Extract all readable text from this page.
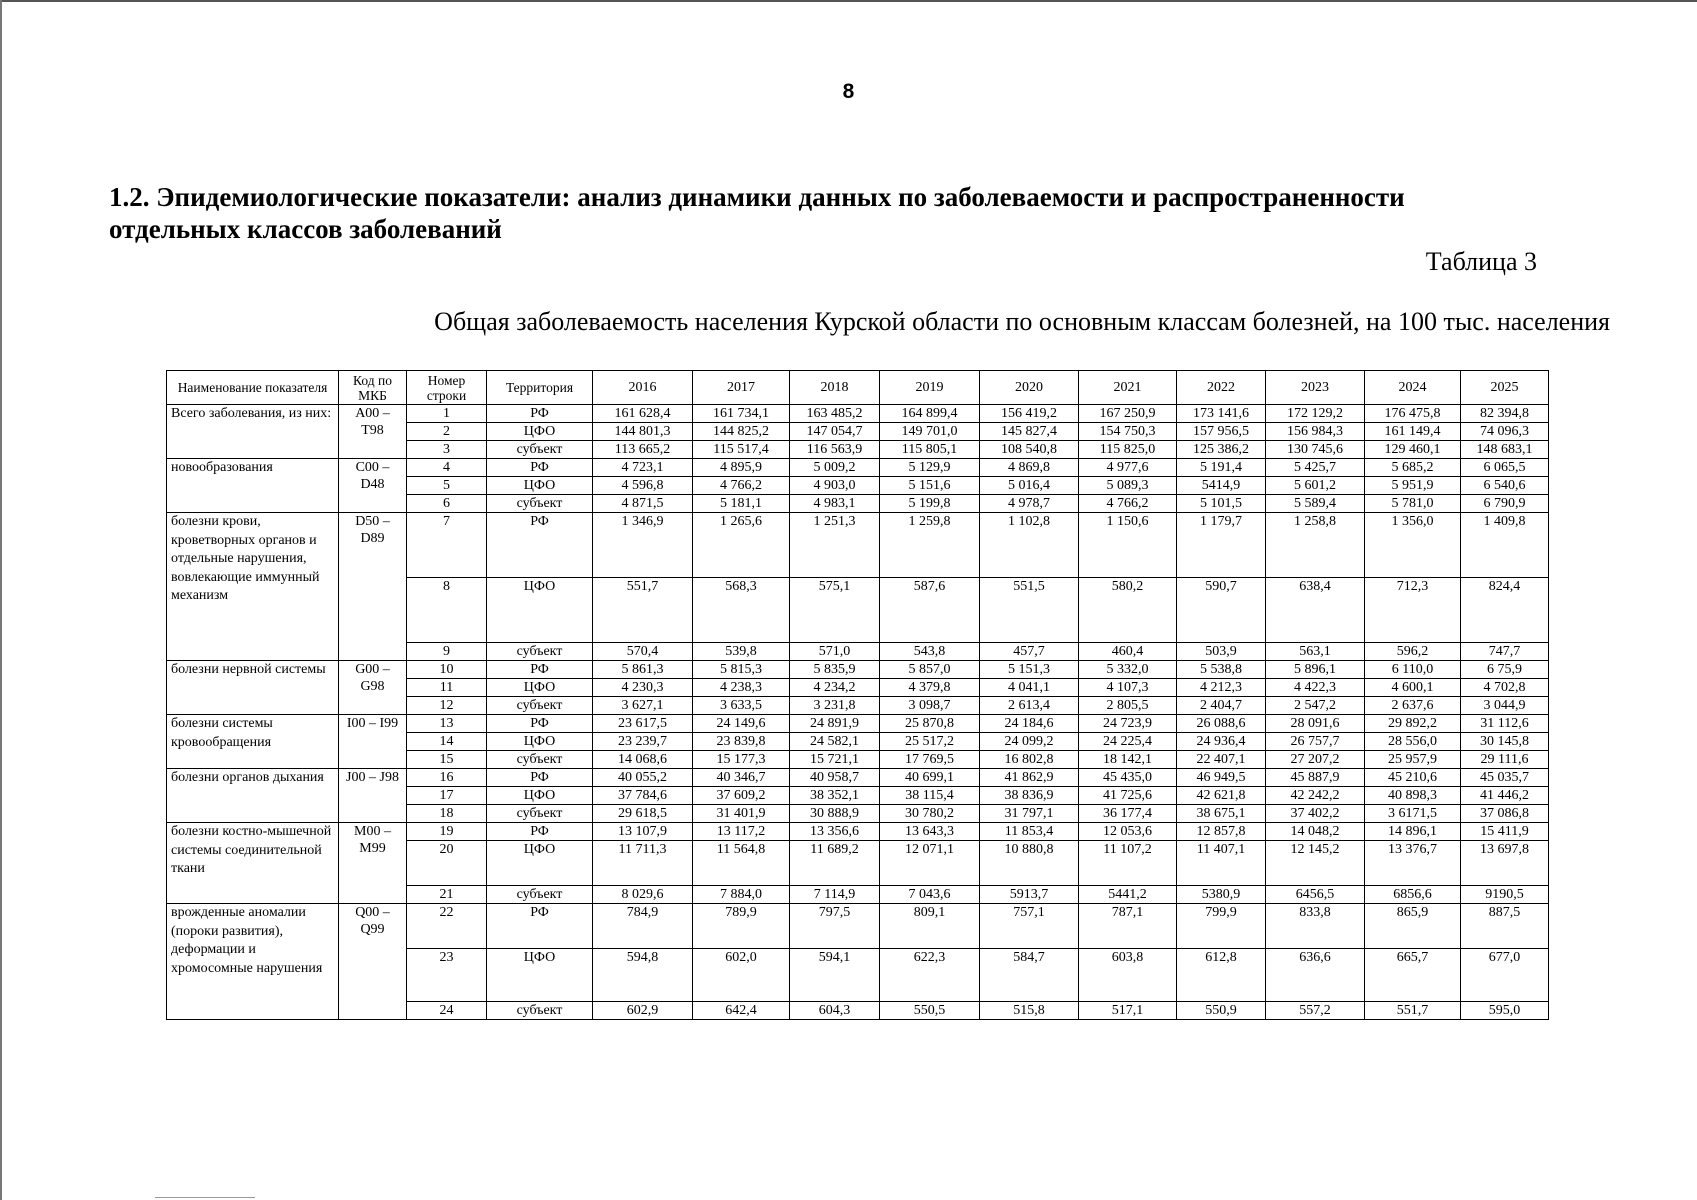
8
1.2. Эпидемиологические показатели: анализ динамики данных по заболеваемости и распространенности
отдельных классов заболеваний
Таблица 3
Общая заболеваемость населения Курской области по основным классам болезней, на 100 тыс. населения
Наименование показателя	Код по МКБ	Номер строки	Территория	2016	2017	2018	2019	2020	2021	2022	2023	2024	2025
Всего заболевания, из них:	A00 – T98	1	РФ	161 628,4	161 734,1	163 485,2	164 899,4	156 419,2	167 250,9	173 141,6	172 129,2	176 475,8	82 394,8
		2	ЦФО	144 801,3	144 825,2	147 054,7	149 701,0	145 827,4	154 750,3	157 956,5	156 984,3	161 149,4	74 096,3
		3	субъект	113 665,2	115 517,4	116 563,9	115 805,1	108 540,8	115 825,0	125 386,2	130 745,6	129 460,1	148 683,1
новообразования	C00 – D48	4	РФ	4 723,1	4 895,9	5 009,2	5 129,9	4 869,8	4 977,6	5 191,4	5 425,7	5 685,2	6 065,5
		5	ЦФО	4 596,8	4 766,2	4 903,0	5 151,6	5 016,4	5 089,3	5414,9	5 601,2	5 951,9	6 540,6
		6	субъект	4 871,5	5 181,1	4 983,1	5 199,8	4 978,7	4 766,2	5 101,5	5 589,4	5 781,0	6 790,9
болезни крови, кроветворных органов и отдельные нарушения, вовлекающие иммунный механизм	D50 – D89	7	РФ	1 346,9	1 265,6	1 251,3	1 259,8	1 102,8	1 150,6	1 179,7	1 258,8	1 356,0	1 409,8
		8	ЦФО	551,7	568,3	575,1	587,6	551,5	580,2	590,7	638,4	712,3	824,4
		9	субъект	570,4	539,8	571,0	543,8	457,7	460,4	503,9	563,1	596,2	747,7
болезни нервной системы	G00 – G98	10	РФ	5 861,3	5 815,3	5 835,9	5 857,0	5 151,3	5 332,0	5 538,8	5 896,1	6 110,0	6 75,9
		11	ЦФО	4 230,3	4 238,3	4 234,2	4 379,8	4 041,1	4 107,3	4 212,3	4 422,3	4 600,1	4 702,8
		12	субъект	3 627,1	3 633,5	3 231,8	3 098,7	2 613,4	2 805,5	2 404,7	2 547,2	2 637,6	3 044,9
болезни системы кровообращения	I00 – I99	13	РФ	23 617,5	24 149,6	24 891,9	25 870,8	24 184,6	24 723,9	26 088,6	28 091,6	29 892,2	31 112,6
		14	ЦФО	23 239,7	23 839,8	24 582,1	25 517,2	24 099,2	24 225,4	24 936,4	26 757,7	28 556,0	30 145,8
		15	субъект	14 068,6	15 177,3	15 721,1	17 769,5	16 802,8	18 142,1	22 407,1	27 207,2	25 957,9	29 111,6
болезни органов дыхания	J00 – J98	16	РФ	40 055,2	40 346,7	40 958,7	40 699,1	41 862,9	45 435,0	46 949,5	45 887,9	45 210,6	45 035,7
		17	ЦФО	37 784,6	37 609,2	38 352,1	38 115,4	38 836,9	41 725,6	42 621,8	42 242,2	40 898,3	41 446,2
		18	субъект	29 618,5	31 401,9	30 888,9	30 780,2	31 797,1	36 177,4	38 675,1	37 402,2	3 6171,5	37 086,8
болезни костно-мышечной системы соединительной ткани	M00 – M99	19	РФ	13 107,9	13 117,2	13 356,6	13 643,3	11 853,4	12 053,6	12 857,8	14 048,2	14 896,1	15 411,9
		20	ЦФО	11 711,3	11 564,8	11 689,2	12 071,1	10 880,8	11 107,2	11 407,1	12 145,2	13 376,7	13 697,8
		21	субъект	8 029,6	7 884,0	7 114,9	7 043,6	5913,7	5441,2	5380,9	6456,5	6856,6	9190,5
врожденные аномалии (пороки развития), деформации и хромосомные нарушения	Q00 – Q99	22	РФ	784,9	789,9	797,5	809,1	757,1	787,1	799,9	833,8	865,9	887,5
		23	ЦФО	594,8	602,0	594,1	622,3	584,7	603,8	612,8	636,6	665,7	677,0
		24	субъект	602,9	642,4	604,3	550,5	515,8	517,1	550,9	557,2	551,7	595,0
